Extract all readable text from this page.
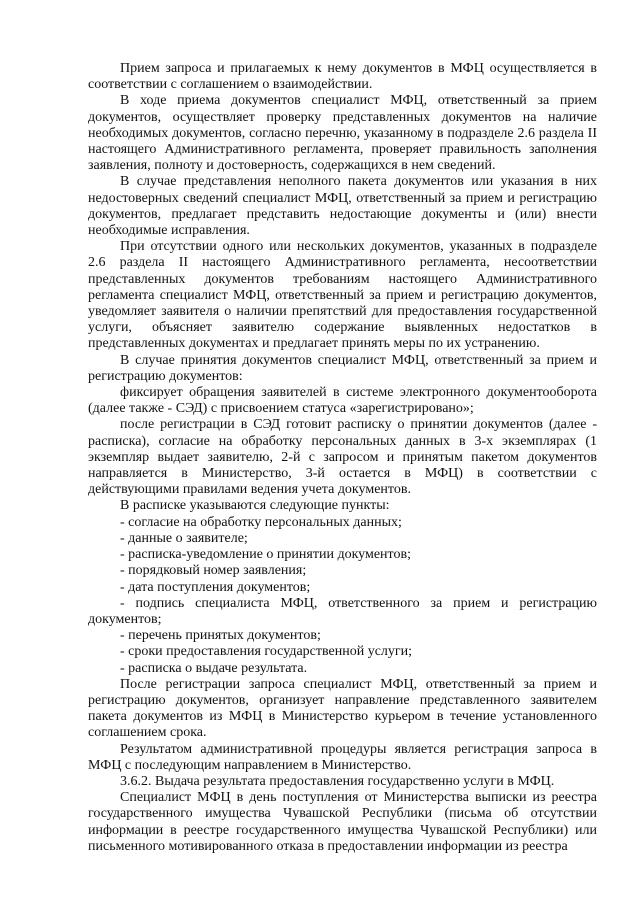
Прием запроса и прилагаемых к нему документов в МФЦ осуществляется в соответствии с соглашением о взаимодействии.

В ходе приема документов специалист МФЦ, ответственный за прием документов, осуществляет проверку представленных документов на наличие необходимых документов, согласно перечню, указанному в подразделе 2.6 раздела II настоящего Административного регламента, проверяет правильность заполнения заявления, полноту и достоверность, содержащихся в нем сведений.

В случае представления неполного пакета документов или указания в них недостоверных сведений специалист МФЦ, ответственный за прием и регистрацию документов, предлагает представить недостающие документы и (или) внести необходимые исправления.

При отсутствии одного или нескольких документов, указанных в подразделе 2.6 раздела II настоящего Административного регламента, несоответствии представленных документов требованиям настоящего Административного регламента специалист МФЦ, ответственный за прием и регистрацию документов, уведомляет заявителя о наличии препятствий для предоставления государственной услуги, объясняет заявителю содержание выявленных недостатков в представленных документах и предлагает принять меры по их устранению.

В случае принятия документов специалист МФЦ, ответственный за прием и регистрацию документов:

фиксирует обращения заявителей в системе электронного документооборота (далее также - СЭД) с присвоением статуса «зарегистрировано»;

после регистрации в СЭД готовит расписку о принятии документов (далее - расписка), согласие на обработку персональных данных в 3-х экземплярах (1 экземпляр выдает заявителю, 2-й с запросом и принятым пакетом документов направляется в Министерство, 3-й остается в МФЦ) в соответствии с действующими правилами ведения учета документов.

В расписке указываются следующие пункты:

- согласие на обработку персональных данных;

- данные о заявителе;

- расписка-уведомление о принятии документов;

- порядковый номер заявления;

- дата поступления документов;

- подпись специалиста МФЦ, ответственного за прием и регистрацию документов;

- перечень принятых документов;

- сроки предоставления государственной услуги;

- расписка о выдаче результата.

После регистрации запроса специалист МФЦ, ответственный за прием и регистрацию документов, организует направление представленного заявителем пакета документов из МФЦ в Министерство курьером в течение установленного соглашением срока.

Результатом административной процедуры является регистрация запроса в МФЦ с последующим направлением в Министерство.

3.6.2. Выдача результата предоставления государственно услуги в МФЦ.

Специалист МФЦ в день поступления от Министерства выписки из реестра государственного имущества Чувашской Республики (письма об отсутствии информации в реестре государственного имущества Чувашской Республики) или письменного мотивированного отказа в предоставлении информации из реестра
